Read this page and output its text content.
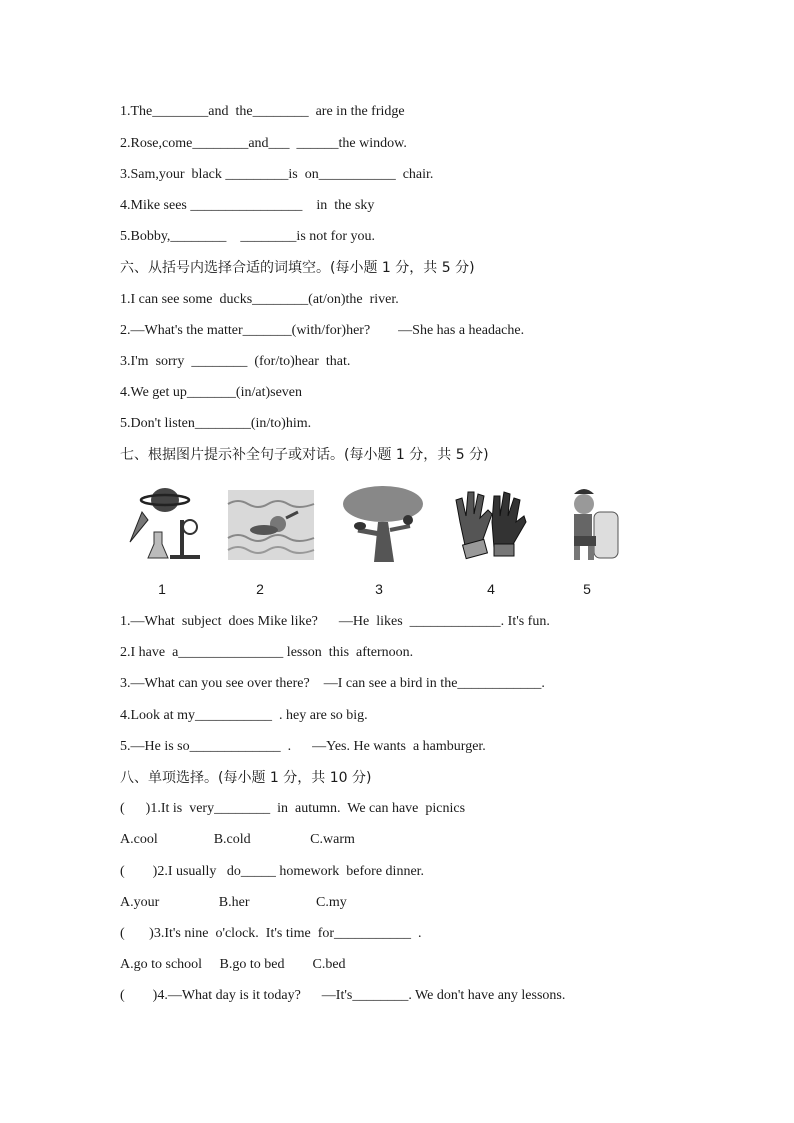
1.The________and  the________  are in the fridge
2.Rose,come________and___  ______the window.
3.Sam,your  black _________is  on___________  chair.
4.Mike sees ________________    in  the sky
5.Bobby,________    ________is not for you.
六、从括号内选择合适的词填空。(每小题 1 分，共 5 分)
1.I can see some  ducks________(at/on)the  river.
2.—What's the matter_______(with/for)her?        —She has a headache.
3.I'm  sorry  ________  (for/to)hear  that.
4.We get up_______(in/at)seven
5.Don't listen________(in/to)him.
七、根据图片提示补全句子或对话。(每小题 1 分，共 5 分)
1	2	3	4	5
1.—What  subject  does Mike like?      —He  likes  _____________. It's fun.
2.I have  a_______________ lesson  this  afternoon.
3.—What can you see over there?    —I can see a bird in the____________.
4.Look at my___________  . hey are so big.
5.—He is so_____________  .      —Yes. He wants  a hamburger.
八、单项选择。(每小题 1 分，共 10 分)
(      )1.It is  very________  in  autumn.  We can have  picnics
A.cool                B.cold                 C.warm
(        )2.I usually   do_____ homework  before dinner.
A.your                 B.her                   C.my
(       )3.It's nine  o'clock.  It's time  for___________  .
A.go to school     B.go to bed        C.bed
(        )4.—What day is it today?      —It's________. We don't have any lessons.
